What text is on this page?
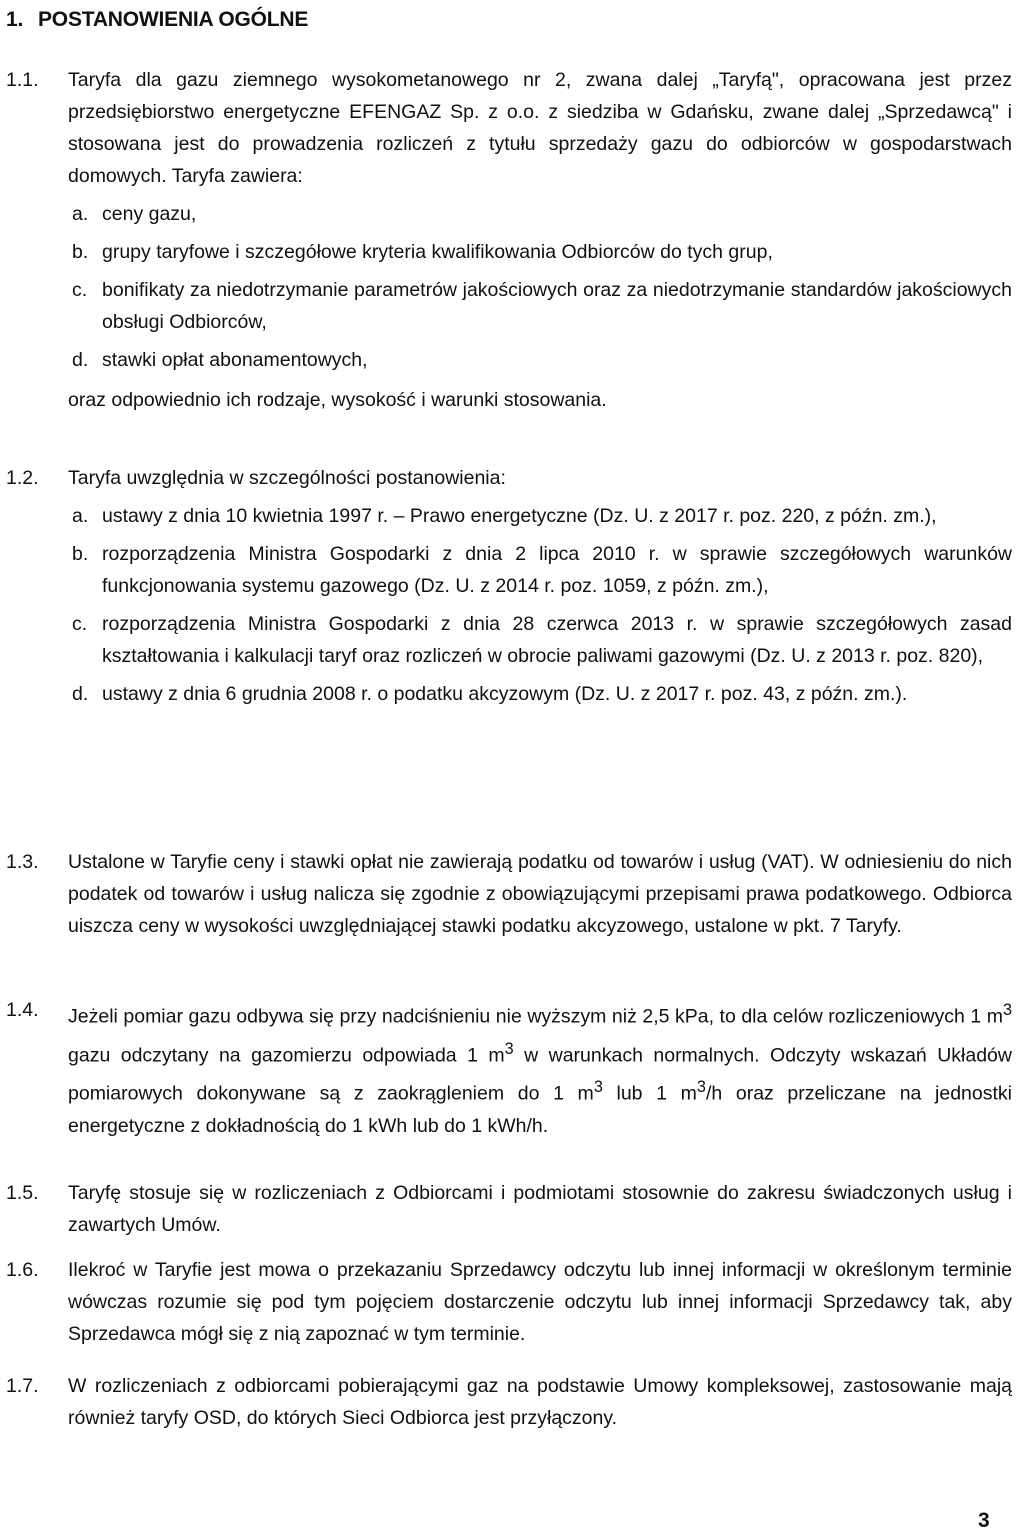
1. POSTANOWIENIA OGÓLNE
1.1.	Taryfa dla gazu ziemnego wysokometanowego nr 2, zwana dalej „Taryfą", opracowana jest przez przedsiębiorstwo energetyczne EFENGAZ Sp. z o.o. z siedziba w Gdańsku, zwane dalej „Sprzedawcą" i stosowana jest do prowadzenia rozliczeń z tytułu sprzedaży gazu do odbiorców w gospodarstwach domowych. Taryfa zawiera:
a. ceny gazu,
b. grupy taryfowe i szczegółowe kryteria kwalifikowania Odbiorców do tych grup,
c. bonifikaty za niedotrzymanie parametrów jakościowych oraz za niedotrzymanie standardów jakościowych obsługi Odbiorców,
d. stawki opłat abonamentowych,
oraz odpowiednio ich rodzaje, wysokość i warunki stosowania.
1.2.	Taryfa uwzględnia w szczególności postanowienia:
a. ustawy z dnia 10 kwietnia 1997 r. – Prawo energetyczne (Dz. U. z 2017 r. poz. 220, z późn. zm.),
b. rozporządzenia Ministra Gospodarki z dnia 2 lipca 2010 r. w sprawie szczegółowych warunków funkcjonowania systemu gazowego (Dz. U. z 2014 r. poz. 1059, z późn. zm.),
c. rozporządzenia Ministra Gospodarki z dnia 28 czerwca 2013 r. w sprawie szczegółowych zasad kształtowania i kalkulacji taryf oraz rozliczeń w obrocie paliwami gazowymi (Dz. U. z 2013 r. poz. 820),
d. ustawy z dnia 6 grudnia 2008 r. o podatku akcyzowym (Dz. U. z 2017 r. poz. 43, z późn. zm.).
1.3.	Ustalone w Taryfie ceny i stawki opłat nie zawierają podatku od towarów i usług (VAT). W odniesieniu do nich podatek od towarów i usług nalicza się zgodnie z obowiązującymi przepisami prawa podatkowego. Odbiorca uiszcza ceny w wysokości uwzględniającej stawki podatku akcyzowego, ustalone w pkt. 7 Taryfy.
1.4.	Jeżeli pomiar gazu odbywa się przy nadciśnieniu nie wyższym niż 2,5 kPa, to dla celów rozliczeniowych 1 $m^3$ gazu odczytany na gazomierzu odpowiada 1 $m^3$ w warunkach normalnych. Odczyty wskazań Układów pomiarowych dokonywane są z zaokrągleniem do 1 $m^3$ lub 1 $m^3/h$ oraz przeliczane na jednostki energetyczne z dokładnością do 1 kWh lub do 1 kWh/h.
1.5.	Taryfę stosuje się w rozliczeniach z Odbiorcami i podmiotami stosownie do zakresu świadczonych usług i zawartych Umów.
1.6.	Ilekroć w Taryfie jest mowa o przekazaniu Sprzedawcy odczytu lub innej informacji w określonym terminie wówczas rozumie się pod tym pojęciem dostarczenie odczytu lub innej informacji Sprzedawcy tak, aby Sprzedawca mógł się z nią zapoznać w tym terminie.
1.7.	W rozliczeniach z odbiorcami pobierającymi gaz na podstawie Umowy kompleksowej, zastosowanie mają również taryfy OSD, do których Sieci Odbiorca jest przyłączony.
3
